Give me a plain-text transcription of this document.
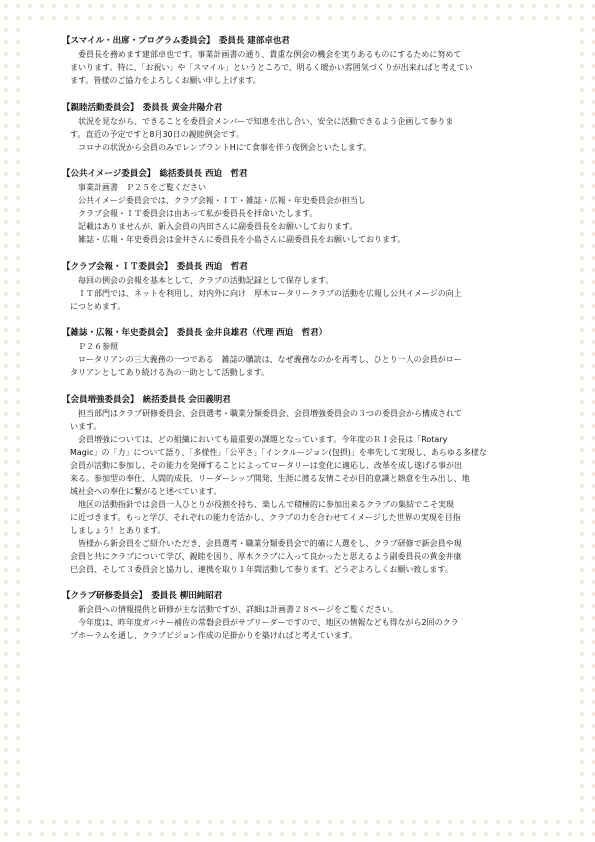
【スマイル・出席・プログラム委員会】　委員長 建部卓也君

　　委員長を務めます建部卓也です。事業計画書の通り、貴重な例会の機会を実りあるものにするために努めて
　まいります。特に、「お祝い」や「スマイル」というところで、明るく暖かい雰囲気づくりが出来ればと考えてい
　ます。皆様のご協力をよろしくお願い申し上げます。

【親睦活動委員会】　委員長 黄金井陽介君

　　状況を見ながら、できることを委員会メンバーで知恵を出し合い、安全に活動できるよう企画して参りま
　す。直近の予定ですと8月30日の親睦例会です。

　　コロナの状況から会員のみでレンブラントHにて食事を伴う夜例会といたします。

【公共イメージ委員会】　総括委員長 西迫　哲君

　　事業計画書　Ｐ２５をご覧ください

　　公共イメージ委員会では、クラブ会報・ＩＴ・雑誌・広報・年史委員会が担当し

　　クラブ会報・ＩＴ委員会は由あって私が委員長を拝命いたします。

　　記載はありませんが、新入会員の内田さんに副委員長をお願いしております。

　　雑誌・広報・年史委員会は金井さんに委員長を小島さんに副委員長をお願いしております。

【クラブ会報・ＩＴ委員会】　委員長 西迫　哲君

　　毎回の例会の会報を基本として、クラブの活動記録として保存します。

　　ＩＴ部門では、ネットを利用し、対内外に向け　厚木ロータリークラブの活動を広報し公共イメージの向上
　につとめます。

【雑誌・広報・年史委員会】　委員長 金井良雄君（代理 西迫　哲君）

　　Ｐ２６参照

　　ロータリアンの三大義務の一つである　雑誌の購読は、なぜ義務なのかを再考し、ひとり一人の会員がロー
　タリアンとしてあり続ける為の一助として活動します。

【会員増強委員会】　統括委員長 会田義明君

　　担当部門はクラブ研修委員会、会員選考・職業分類委員会、会員増強委員会の３つの委員会から構成されて
　います。

　　会員増強については、どの組織においても最重要の課題となっています。今年度のＲＩ会長は「Rotary
　Magic」の「力」について語り、「多様性」「公平さ」「インクルージョン(包摂)」を率先して実現し、あらゆる多様な
　会員が活動に参加し、その能力を発揮することによってロータリーは変化に適応し、改革を成し遂げる事が出
　来る。参加型の奉仕、人間的成長、リーダーシップ開発、生涯に渡る友情こそが目的意識と熱意を生み出し、地
　域社会への奉仕に繋がると述べています。

　　地区の活動指針では会員一人ひとりが役割を持ち、楽しんで積極的に参加出来るクラブの集結でこそ実現
　に近づきます。もっと学び、それぞれの能力を活かし、クラブの力を合わせてイメージした世界の実現を目指
　しましょう！とあります。

　　皆様から新会員をご紹介いただき、会員選考・職業分類委員会で的確に人選をし、クラブ研修で新会員や現
　会員と共にクラブについて学び、親睦を図り、厚木クラブに入って良かったと思えるよう副委員長の黄金井康
　巳会員、そして３委員会と協力し、連携を取り１年間活動して参ります。どうぞよろしくお願い致します。

【クラブ研修委員会】　委員長 柳田純昭君

　　新会員への情報提供と研修が主な活動ですが、詳細は計画書２８ページをご覧ください。

　　今年度は、昨年度ガバナー補佐の常磐会員がサプリーダーですので、地区の情報なども得ながら2回のクラ
　ブホーラムを通し、クラブビジョン作成の足掛かりを築ければと考えています。
